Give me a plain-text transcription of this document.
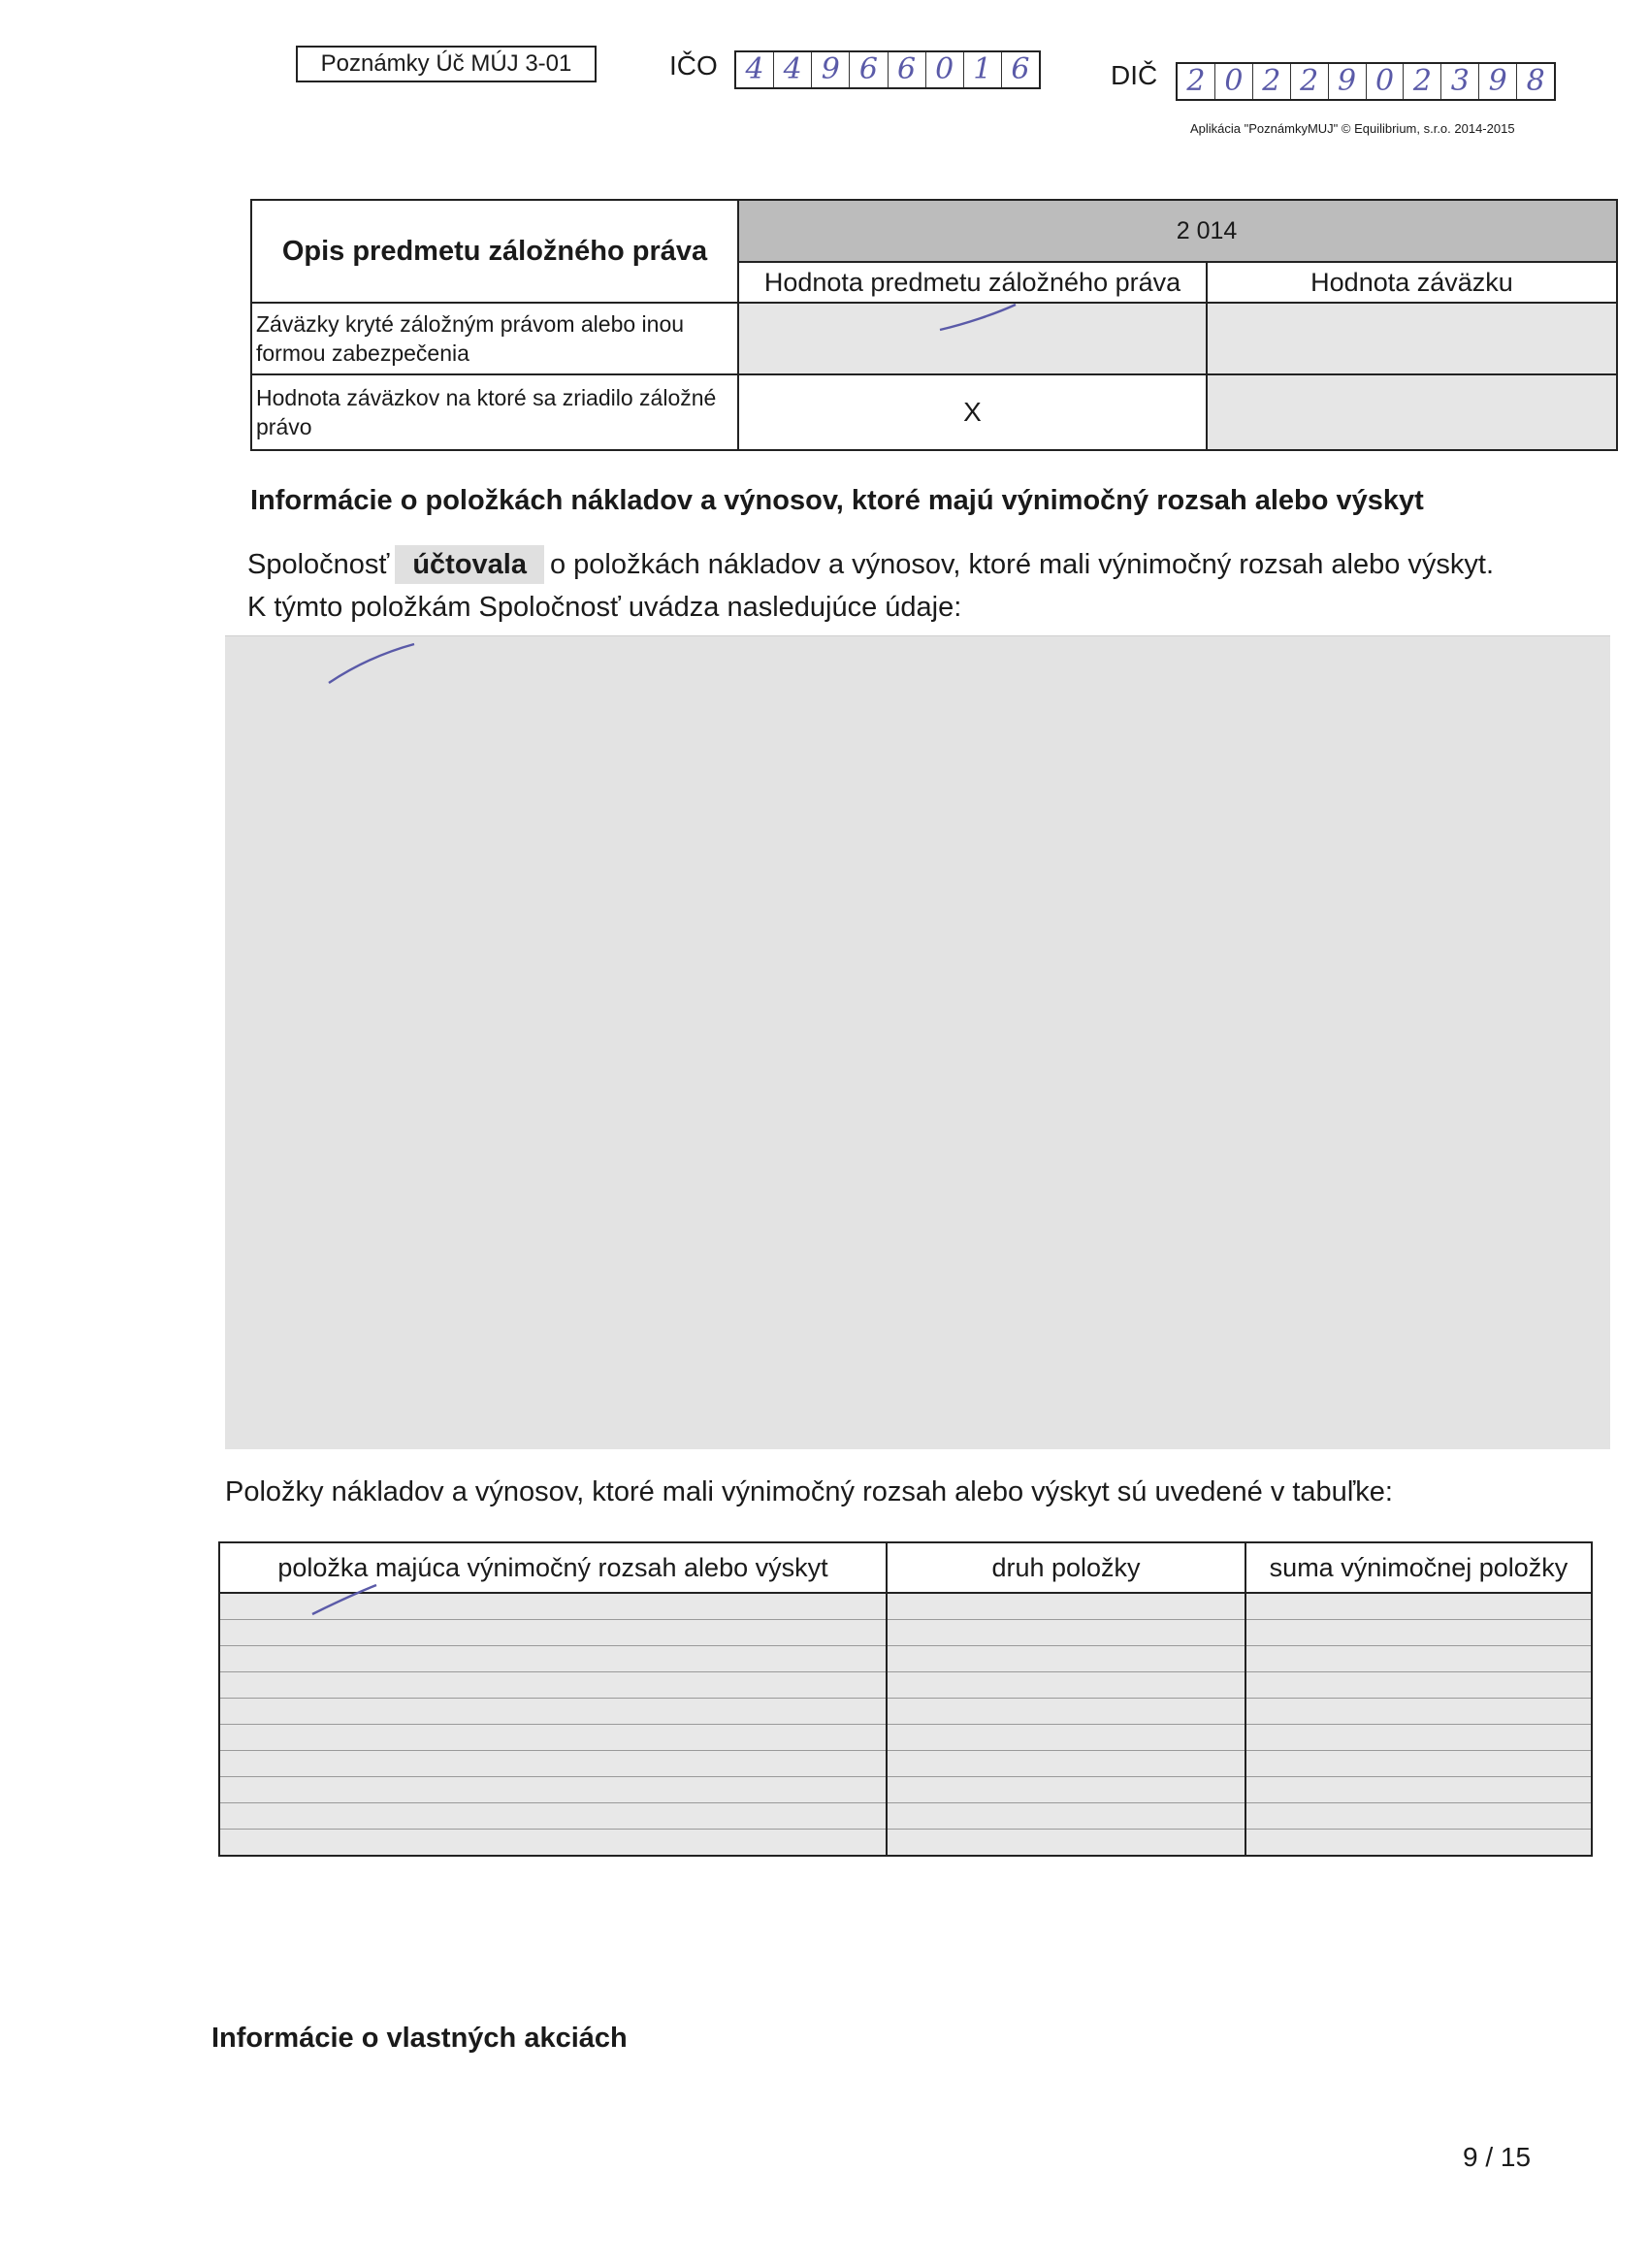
Poznámky Úč MÚJ 3-01	IČO 4 4 9 6 6 0 1 6	DIČ	2 0 2 2 9 0 2 3 9 8
Aplikácia "PoznámkyMUJ" © Equilibrium, s.r.o. 2014-2015
Opis predmetu záložného práva	2 014	
	Hodnota predmetu záložného práva	Hodnota záväzku
Záväzky kryté záložným právom alebo inou formou zabezpečenia		
Hodnota záväzkov na ktoré sa zriadilo záložné právo	X	
Informácie o položkách nákladov a výnosov, ktoré majú výnimočný rozsah alebo výskyt
Spoločnosť účtovala o položkách nákladov a výnosov, ktoré mali výnimočný rozsah alebo výskyt.
K týmto položkám Spoločnosť uvádza nasledujúce údaje:
Položky nákladov a výnosov, ktoré mali výnimočný rozsah alebo výskyt sú uvedené v tabuľke:
položka majúca výnimočný rozsah alebo výskyt	druh položky	suma výnimočnej položky

Informácie o vlastných akciách
9 / 15
